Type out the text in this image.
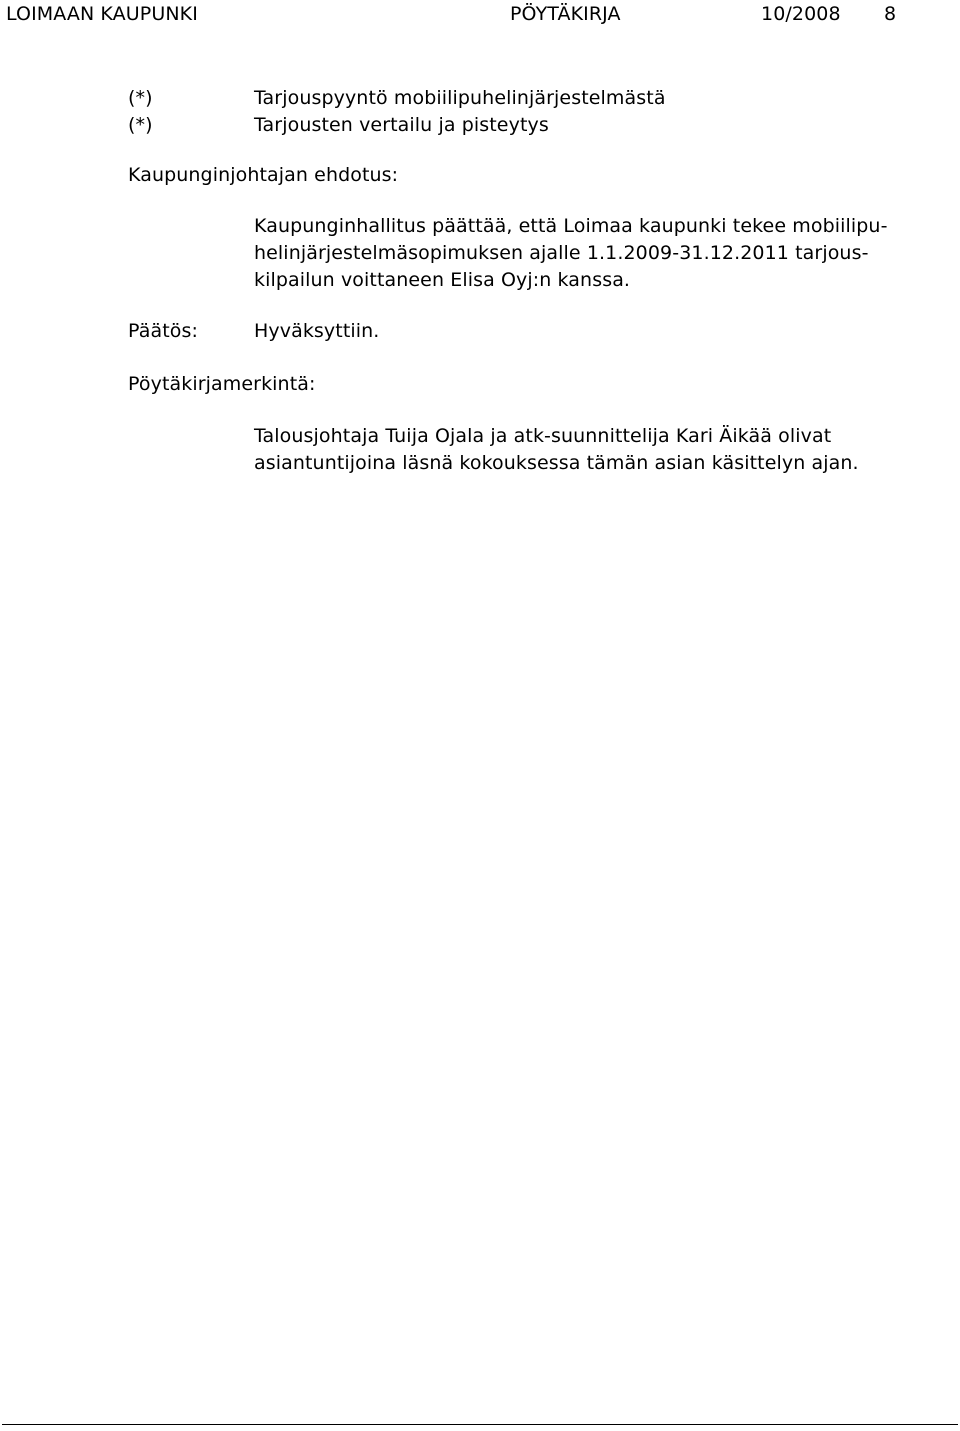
LOIMAAN KAUPUNKI	PÖYTÄKIRJA	10/2008 8
(*)	Tarjouspyyntö mobiilipuhelinjärjestelmästä
(*)	Tarjousten vertailu ja pisteytys
Kaupunginjohtajan ehdotus:
Kaupunginhallitus päättää, että Loimaa kaupunki tekee mobiilipu-
helinjärjestelmäsopimuksen ajalle 1.1.2009-31.12.2011 tarjous-
kilpailun voittaneen Elisa Oyj:n kanssa.
Päätös:	Hyväksyttiin.
Pöytäkirjamerkintä:
Talousjohtaja Tuija Ojala ja atk-suunnittelija Kari Äikää olivat
asiantuntijoina läsnä kokouksessa tämän asian käsittelyn ajan.
